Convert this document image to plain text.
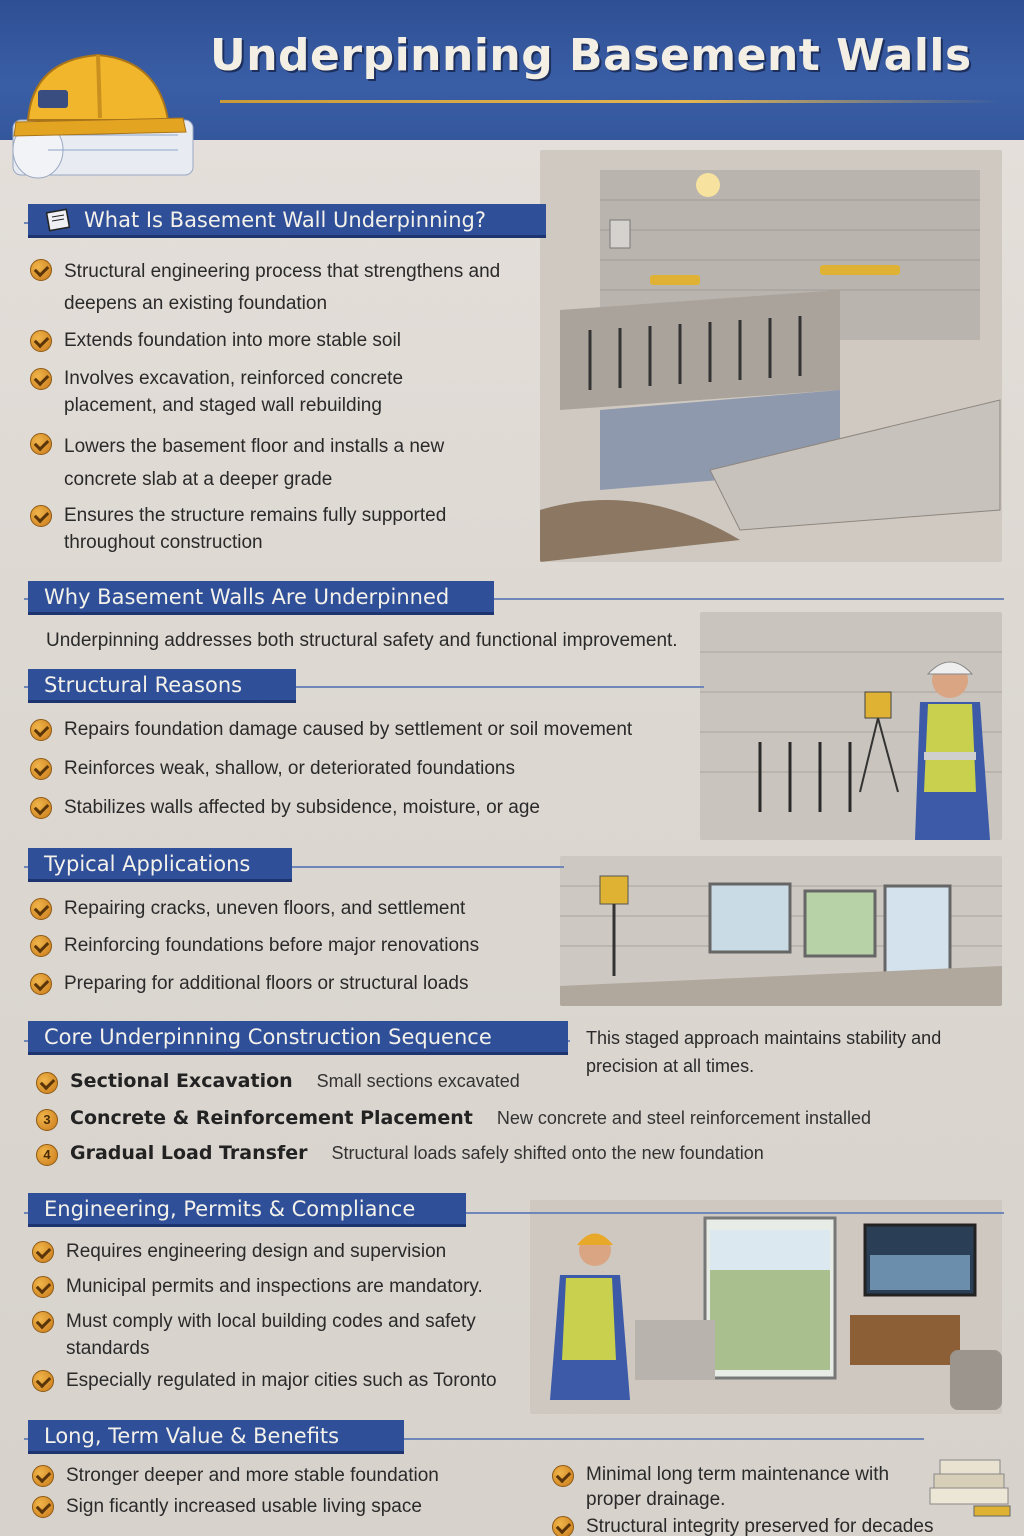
Underpinning Basement Walls
What Is Basement Wall Underpinning?
Structural engineering process that strengthens and deepens an existing foundation
Extends foundation into more stable soil
Involves excavation, reinforced concrete placement, and staged wall rebuilding
Lowers the basement floor and installs a new concrete slab at a deeper grade
Ensures the structure remains fully supported throughout construction
Why Basement Walls Are Underpinned
Underpinning addresses both structural safety and functional improvement.
Structural Reasons
Repairs foundation damage caused by settlement or soil movement
Reinforces weak, shallow, or deteriorated foundations
Stabilizes walls affected by subsidence, moisture, or age
Typical Applications
Repairing cracks, uneven floors, and settlement
Reinforcing foundations before major renovations
Preparing for additional floors or structural loads
Core Underpinning Construction Sequence	This staged approach maintains stability and precision at all times.
Sectional Excavation Small sections excavated
3	Concrete & Reinforcement Placement New concrete and steel reinforcement installed
4	Gradual Load Transfer Structural loads safely shifted onto the new foundation
Engineering, Permits & Compliance
Requires engineering design and supervision
Municipal permits and inspections are mandatory.
Must comply with local building codes and safety standards
Especially regulated in major cities such as Toronto
Long, Term Value & Benefits
Stronger deeper and more stable foundation
Sign ficantly increased usable living space
Minimal long term maintenance with proper drainage.
Structural integrity preserved for decades
